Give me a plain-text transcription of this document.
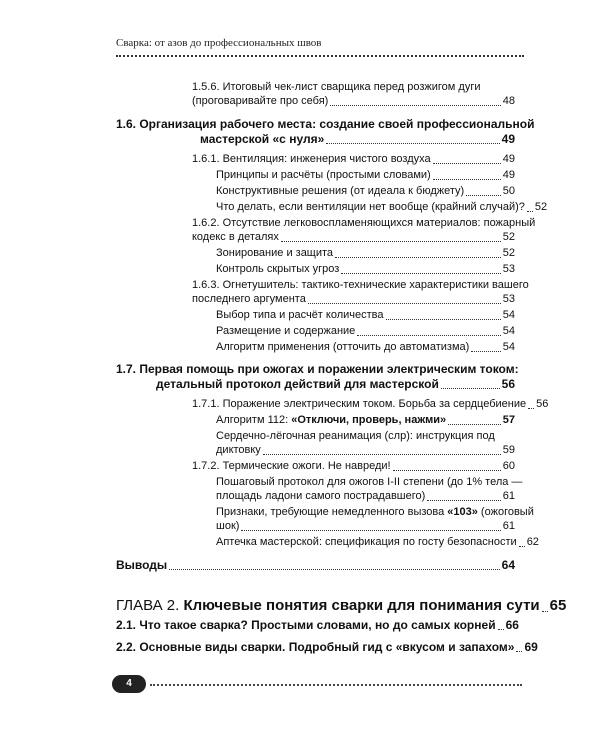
Сварка: от азов до профессиональных швов
1.5.6. Итоговый чек-лист сварщика перед розжигом дуги
(проговаривайте про себя)	48
1.6. Организация рабочего места: создание своей профессиональной
мастерской «с нуля»	49
1.6.1. Вентиляция: инженерия чистого воздуха	49
Принципы и расчёты (простыми словами)	49
Конструктивные решения (от идеала к бюджету)	50
Что делать, если вентиляции нет вообще (крайний случай)? 52
1.6.2. Отсутствие легковоспламеняющихся материалов: пожарный
кодекс в деталях	52
Зонирование и защита	52
Контроль скрытых угроз	53
1.6.3. Огнетушитель: тактико-технические характеристики вашего
последнего аргумента	53
Выбор типа и расчёт количества	54
Размещение и содержание	54
Алгоритм применения (отточить до автоматизма)	54
1.7. Первая помощь при ожогах и поражении электрическим током:
детальный протокол действий для мастерской	56
1.7.1. Поражение электрическим током. Борьба за сердцебиение 56
Алгоритм 112: «Отключи, проверь, нажми»	57
Сердечно-лёгочная реанимация (слр): инструкция под
диктовку	59
1.7.2. Термические ожоги. Не навреди!	60
Пошаговый протокол для ожогов I-II степени (до 1% тела —
площадь ладони самого пострадавшего)	61
Признаки, требующие немедленного вызова «103» (ожоговый
шок)	61
Аптечка мастерской: спецификация по госту безопасности 62
Выводы	64
ГЛАВА 2. Ключевые понятия сварки для понимания сути 65
2.1. Что такое сварка? Простыми словами, но до самых корней 66
2.2. Основные виды сварки. Подробный гид с «вкусом и запахом» 69
4
